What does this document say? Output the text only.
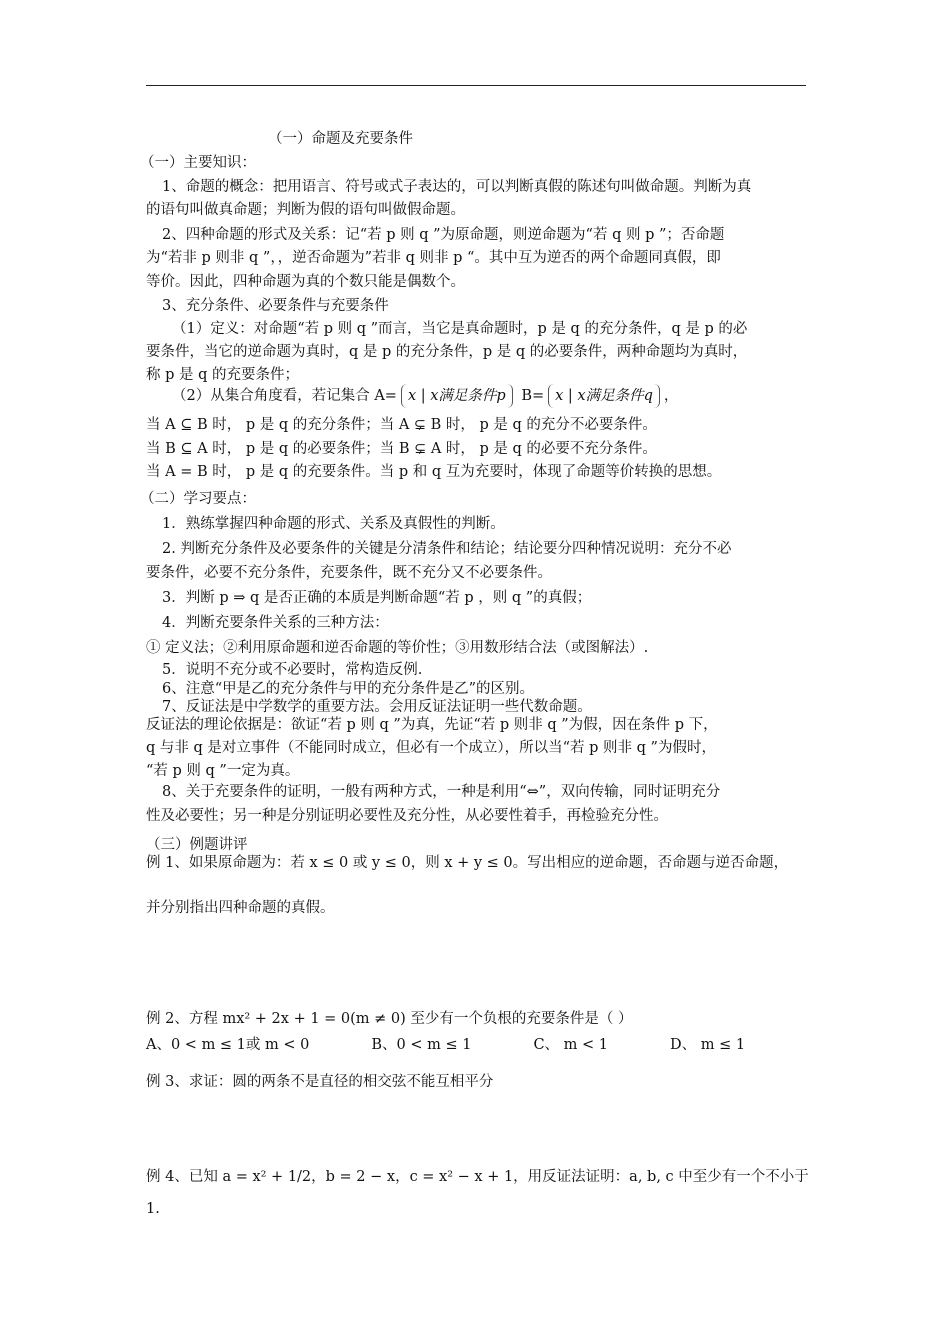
（一）命题及充要条件
（一）主要知识：
1、命题的概念：把用语言、符号或式子表达的，可以判断真假的陈述句叫做命题。判断为真
的语句叫做真命题；判断为假的语句叫做假命题。
2、四种命题的形式及关系：记“若 p 则 q ”为原命题，则逆命题为“若 q 则 p ”；否命题
为“若非 p 则非 q ”，，逆否命题为”若非 q 则非 p “。其中互为逆否的两个命题同真假，即
等价。因此，四种命题为真的个数只能是偶数个。
3、充分条件、必要条件与充要条件
（1）定义：对命题“若 p 则 q ”而言，当它是真命题时，p 是 q 的充分条件，q 是 p 的必
要条件，当它的逆命题为真时，q 是 p 的充分条件，p 是 q 的必要条件，两种命题均为真时，
称 p 是 q 的充要条件；
（2）从集合角度看，若记集合 A= x | x满足条件p B= x | x满足条件q ，
当 A ⊆ B 时， p 是 q 的充分条件；当 A ⊊ B 时， p 是 q 的充分不必要条件。
当 B ⊆ A 时， p 是 q 的必要条件；当 B ⊊ A 时， p 是 q 的必要不充分条件。
当 A = B 时， p 是 q 的充要条件。当 p 和 q 互为充要时，体现了命题等价转换的思想。
（二）学习要点：
1．熟练掌握四种命题的形式、关系及真假性的判断。
2. 判断充分条件及必要条件的关键是分清条件和结论；结论要分四种情况说明：充分不必
要条件，必要不充分条件，充要条件，既不充分又不必要条件。
3．判断 p ⇒ q 是否正确的本质是判断命题“若 p ，则 q ”的真假；
4．判断充要条件关系的三种方法：
① 定义法；②利用原命题和逆否命题的等价性；③用数形结合法（或图解法）.
5．说明不充分或不必要时，常构造反例.
6、注意“甲是乙的充分条件与甲的充分条件是乙”的区别。
7、反证法是中学数学的重要方法。会用反证法证明一些代数命题。
反证法的理论依据是：欲证“若 p 则 q ”为真，先证“若 p 则非 q ”为假，因在条件 p 下，
q 与非 q 是对立事件（不能同时成立，但必有一个成立），所以当“若 p 则非 q ”为假时，
“若 p 则 q ”一定为真。
8、关于充要条件的证明，一般有两种方式，一种是利用“⇔”，双向传输，同时证明充分
性及必要性；另一种是分别证明必要性及充分性，从必要性着手，再检验充分性。
（三）例题讲评
例 1、如果原命题为：若 x ≤ 0 或 y ≤ 0，则 x + y ≤ 0。写出相应的逆命题，否命题与逆否命题，
并分别指出四种命题的真假。
例 2、方程 mx² + 2x + 1 = 0(m ≠ 0) 至少有一个负根的充要条件是（ ）
A、0 < m ≤ 1或 m < 0	B、0 < m ≤ 1	C、 m < 1	D、 m ≤ 1
例 3、求证：圆的两条不是直径的相交弦不能互相平分
例 4、已知 a = x² + 1/2，b = 2 − x，c = x² − x + 1，用反证法证明：a, b, c 中至少有一个不小于
1.
